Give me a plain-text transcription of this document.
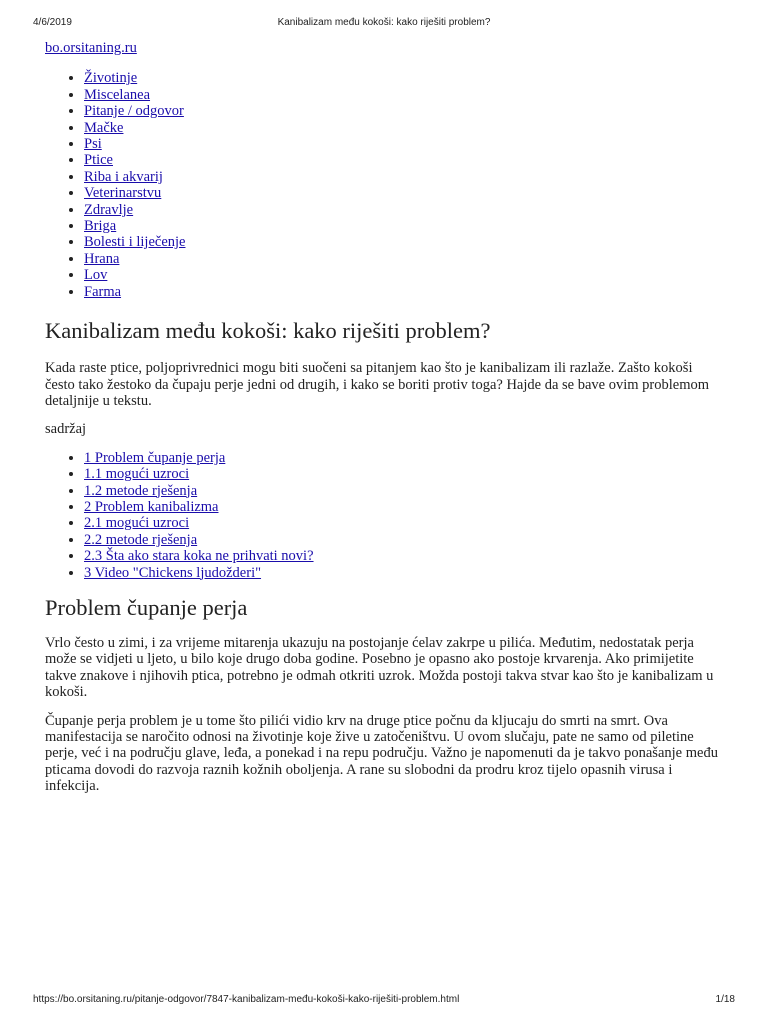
4/6/2019	Kanibalizam među kokoši: kako riješiti problem?
bo.orsitaning.ru
• Životinje
• Miscelanea
• Pitanje / odgovor
• Mačke
• Psi
• Ptice
• Riba i akvarij
• Veterinarstvu
• Zdravlje
• Briga
• Bolesti i liječenje
• Hrana
• Lov
• Farma
Kanibalizam među kokoši: kako riješiti problem?

Kada raste ptice, poljoprivrednici mogu biti suočeni sa pitanjem kao što je kanibalizam ili razlaže. Zašto kokoši često tako žestoko da čupaju perje jedni od drugih, i kako se boriti protiv toga? Hajde da se bave ovim problemom detaljnije u tekstu.

sadržaj
• 1 Problem čupanje perja
• 1.1 mogući uzroci
• 1.2 metode rješenja
• 2 Problem kanibalizma
• 2.1 mogući uzroci
• 2.2 metode rješenja
• 2.3 Šta ako stara koka ne prihvati novi?
• 3 Video "Chickens ljudožderi"
Problem čupanje perja

Vrlo često u zimi, i za vrijeme mitarenja ukazuju na postojanje ćelav zakrpe u pilića. Međutim, nedostatak perja može se vidjeti u ljeto, u bilo koje drugo doba godine. Posebno je opasno ako postoje krvarenja. Ako primijetite takve znakove i njihovih ptica, potrebno je odmah otkriti uzrok. Možda postoji takva stvar kao što je kanibalizam u kokoši.

Čupanje perja problem je u tome što pilići vidio krv na druge ptice počnu da kljucaju do smrti na smrt. Ova manifestacija se naročito odnosi na životinje koje žive u zatočeništvu. U ovom slučaju, pate ne samo od piletine perje, već i na području glave, leđa, a ponekad i na repu području. Važno je napomenuti da je takvo ponašanje među pticama dovodi do razvoja raznih kožnih oboljenja. A rane su slobodni da prodru kroz tijelo opasnih virusa i infekcija.

https://bo.orsitaning.ru/pitanje-odgovor/7847-kanibalizam-među-kokoši-kako-riješiti-problem.html	1/18
